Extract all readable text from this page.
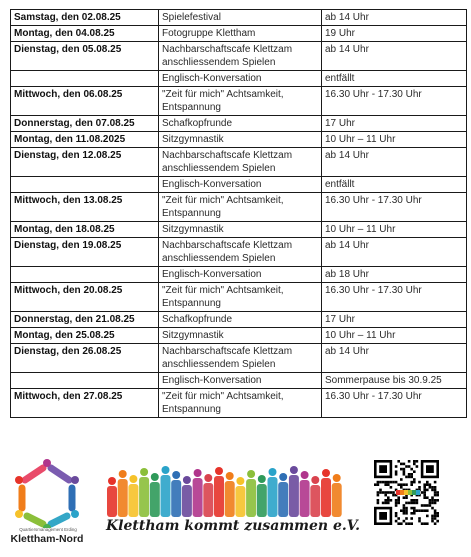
Samstag, den 02.08.25	Spielefestival	ab 14 Uhr

Montag, den 04.08.25	Fotogruppe Klettham	19 Uhr

Dienstag, den 05.08.25	Nachbarschaftscafe Klettzam
anschliessendem Spielen	ab 14 Uhr

	Englisch-Konversation	entfällt

Mittwoch, den 06.08.25	"Zeit für mich" Achtsamkeit,
Entspannung	16.30 Uhr - 17.30 Uhr

Donnerstag, den 07.08.25	Schafkopfrunde	17 Uhr

Montag, den 11.08.2025	Sitzgymnastik	10 Uhr – 11 Uhr

Dienstag, den 12.08.25	Nachbarschaftscafe Klettzam
anschliessendem Spielen	ab 14 Uhr

	Englisch-Konversation	entfällt

Mittwoch, den 13.08.25	"Zeit für mich" Achtsamkeit,
Entspannung	16.30 Uhr - 17.30 Uhr

Montag, den 18.08.25	Sitzgymnastik	10 Uhr – 11 Uhr

Dienstag, den 19.08.25	Nachbarschaftscafe Klettzam
anschliessendem Spielen	ab 14 Uhr

	Englisch-Konversation	ab 18 Uhr

Mittwoch, den 20.08.25	"Zeit für mich" Achtsamkeit,
Entspannung	16.30 Uhr - 17.30 Uhr

Donnerstag, den 21.08.25	Schafkopfrunde	17 Uhr

Montag, den 25.08.25	Sitzgymnastik	10 Uhr – 11 Uhr

Dienstag, den 26.08.25	Nachbarschaftscafe Klettzam
anschliessendem Spielen	ab 14 Uhr

	Englisch-Konversation	Sommerpause bis 30.9.25

Mittwoch, den 27.08.25	"Zeit für mich" Achtsamkeit,
Entspannung	16.30 Uhr - 17.30 Uhr
Quartiersmanagement Erding
Klettham-Nord
Klettham kommt zusammen e.V.
